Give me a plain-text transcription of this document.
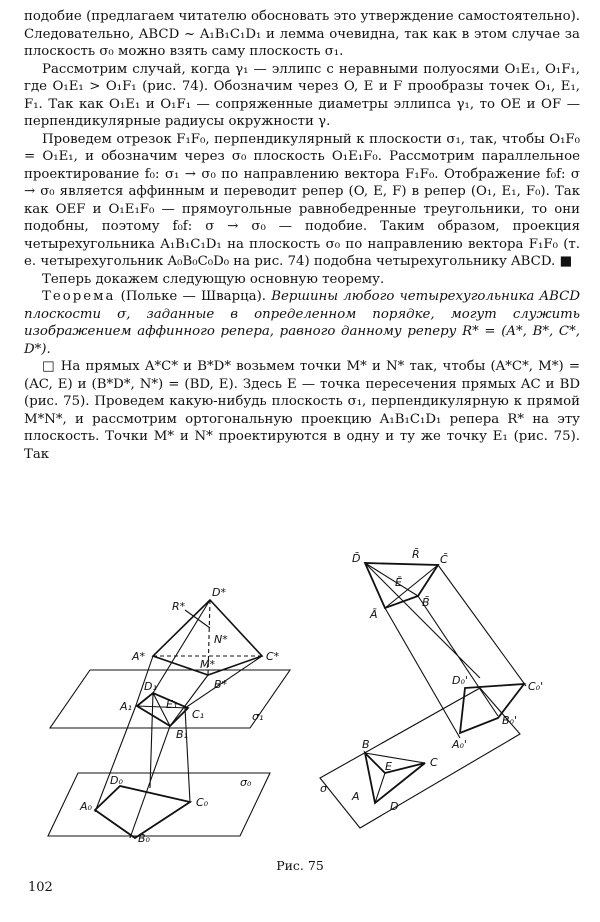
подобие (предлагаем читателю обосновать это утверждение самостоятельно). Следовательно, ABCD ~ A₁B₁C₁D₁ и лемма очевидна, так как в этом случае за плоскость σ₀ можно взять саму плоскость σ₁.

Рассмотрим случай, когда γ₁ — эллипс с неравными полуосями O₁E₁, O₁F₁, где O₁E₁ > O₁F₁ (рис. 74). Обозначим через O, E и F прообразы точек O₁, E₁, F₁. Так как O₁E₁ и O₁F₁ — сопряженные диаметры эллипса γ₁, то OE и OF — перпендикулярные радиусы окружности γ.

Проведем отрезок F₁F₀, перпендикулярный к плоскости σ₁, так, чтобы O₁F₀ = O₁E₁, и обозначим через σ₀ плоскость O₁E₁F₀. Рассмотрим параллельное проектирование f₀: σ₁ → σ₀ по направлению вектора F₁F₀. Отображение f₀f: σ → σ₀ является аффинным и переводит репер (O, E, F) в репер (O₁, E₁, F₀). Так как OEF и O₁E₁F₀ — прямоугольные равнобедренные треугольники, то они подобны, поэтому f₀f: σ → σ₀ — подобие. Таким образом, проекция четырехугольника A₁B₁C₁D₁ на плоскость σ₀ по направлению вектора F₁F₀ (т. е. четырехугольник A₀B₀C₀D₀ на рис. 74) подобна четырехугольнику ABCD. ■

Теперь докажем следующую основную теорему.

Теорема (Польке — Шварца). Вершины любого четырехугольника ABCD плоскости σ, заданные в определенном порядке, могут служить изображением аффинного репера, равного данному реперу R* = (A*, B*, C*, D*).

□ На прямых A*C* и B*D* возьмем точки M* и N* так, чтобы (A*C*, M*) = (AC, E) и (B*D*, N*) = (BD, E). Здесь E — точка пересечения прямых AC и BD (рис. 75). Проведем какую-нибудь плоскость σ₁, перпендикулярную к прямой M*N*, и рассмотрим ортогональную проекцию A₁B₁C₁D₁ репера R* на эту плоскость. Точки M* и N* проектируются в одну и ту же точку E₁ (рис. 75). Так

R*
D*
N*
A*
M*
C*
B*
D₁
A₁	E₁
C₁
B₁
σ₁
D₀
A₀	C₀
B₀
σ₀
D̄	R̄ C̄
Ē
B̄
Ā
D₀'	C₀'
B₀'
A₀'
B
C
E
A
D
σ
Рис. 75
102
